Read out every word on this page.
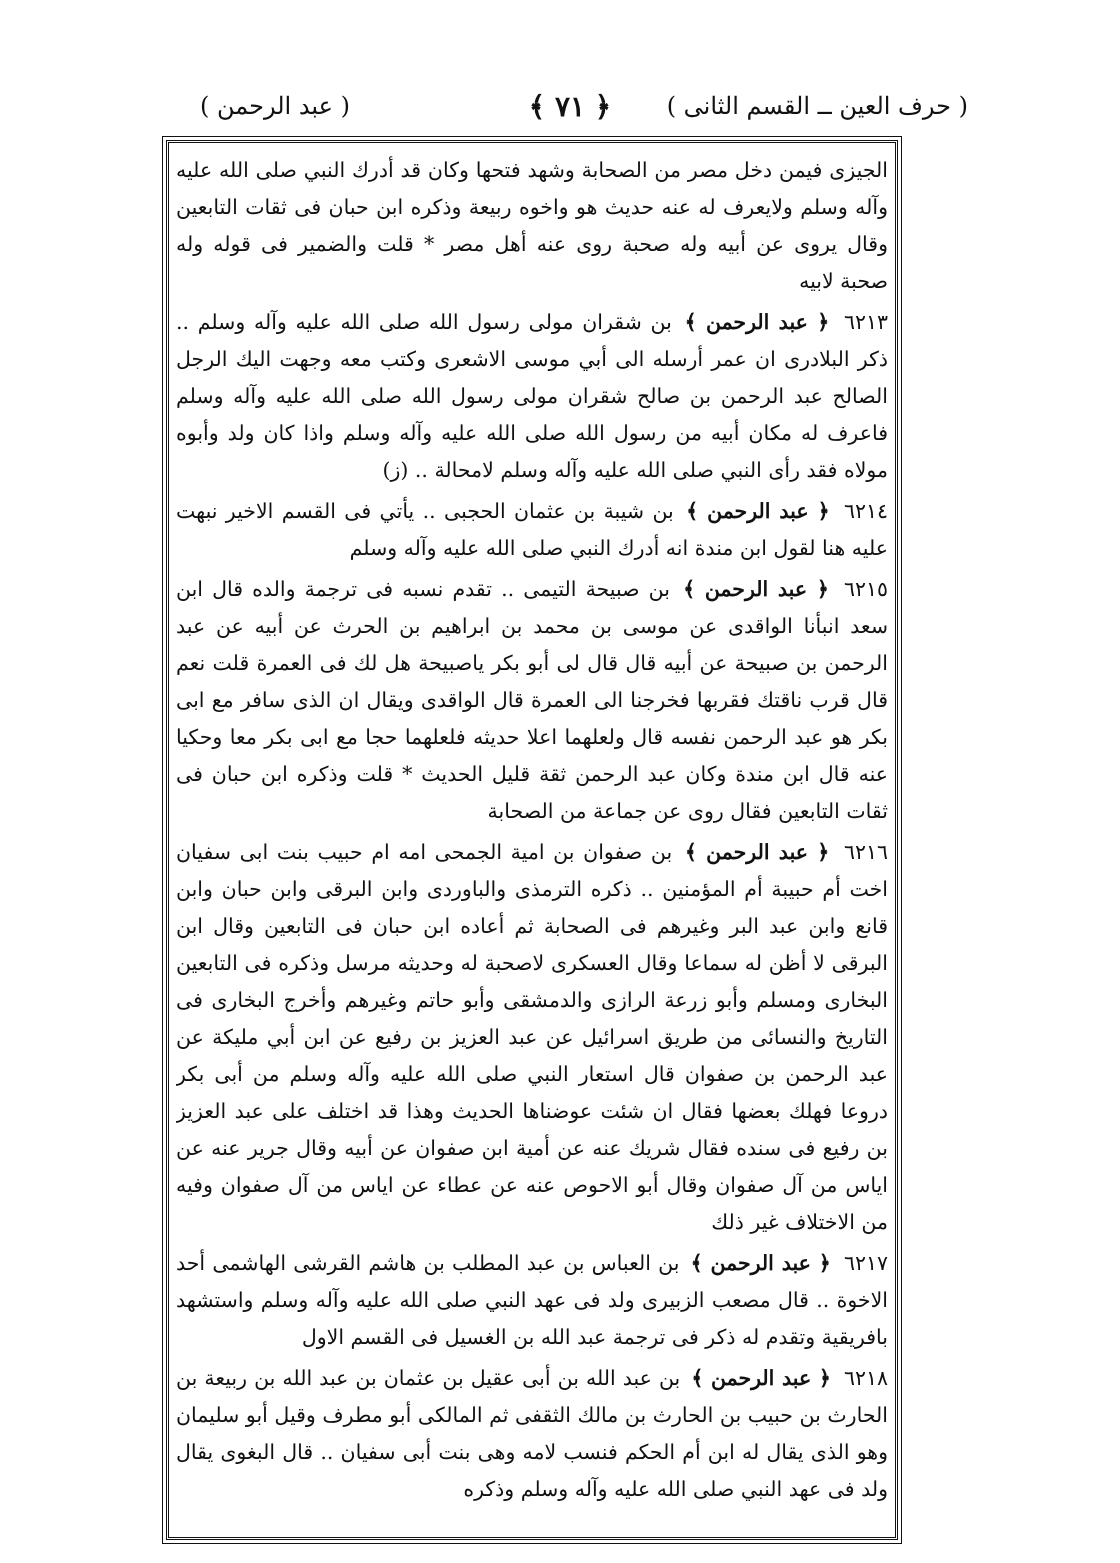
( حرف العين ــ القسم الثانى )
﴿ ٧١ ﴾
( عبد الرحمن )

الجيزى فيمن دخل مصر من الصحابة وشهد فتحها وكان قد أدرك النبي صلى الله عليه وآله وسلم ولايعرف له عنه حديث هو واخوه ربيعة وذكره ابن حبان فى ثقات التابعين وقال يروى عن أبيه وله صحبة روى عنه أهل مصر * قلت والضمير فى قوله وله صحبة لابيه

٦٢١٣ ﴿ عبد الرحمن ﴾ بن شقران مولى رسول الله صلى الله عليه وآله وسلم .. ذكر البلادرى ان عمر أرسله الى أبي موسى الاشعرى وكتب معه وجهت اليك الرجل الصالح عبد الرحمن بن صالح شقران مولى رسول الله صلى الله عليه وآله وسلم فاعرف له مكان أبيه من رسول الله صلى الله عليه وآله وسلم واذا كان ولد وأبوه مولاه فقد رأى النبي صلى الله عليه وآله وسلم لامحالة .. (ز)

٦٢١٤ ﴿ عبد الرحمن ﴾ بن شيبة بن عثمان الحجبى .. يأتي فى القسم الاخير نبهت عليه هنا لقول ابن مندة انه أدرك النبي صلى الله عليه وآله وسلم

٦٢١٥ ﴿ عبد الرحمن ﴾ بن صبيحة التيمى .. تقدم نسبه فى ترجمة والده قال ابن سعد انبأنا الواقدى عن موسى بن محمد بن ابراهيم بن الحرث عن أبيه عن عبد الرحمن بن صبيحة عن أبيه قال قال لى أبو بكر ياصبيحة هل لك فى العمرة قلت نعم قال قرب ناقتك فقربها فخرجنا الى العمرة قال الواقدى ويقال ان الذى سافر مع ابى بكر هو عبد الرحمن نفسه قال ولعلهما اعلا حديثه فلعلهما حجا مع ابى بكر معا وحكيا عنه قال ابن مندة وكان عبد الرحمن ثقة قليل الحديث * قلت وذكره ابن حبان فى ثقات التابعين فقال روى عن جماعة من الصحابة

٦٢١٦ ﴿ عبد الرحمن ﴾ بن صفوان بن امية الجمحى امه ام حبيب بنت ابى سفيان اخت أم حبيبة أم المؤمنين .. ذكره الترمذى والباوردى وابن البرقى وابن حبان وابن قانع وابن عبد البر وغيرهم فى الصحابة ثم أعاده ابن حبان فى التابعين وقال ابن البرقى لا أظن له سماعا وقال العسكرى لاصحبة له وحديثه مرسل وذكره فى التابعين البخارى ومسلم وأبو زرعة الرازى والدمشقى وأبو حاتم وغيرهم وأخرج البخارى فى التاريخ والنسائى من طريق اسرائيل عن عبد العزيز بن رفيع عن ابن أبي مليكة عن عبد الرحمن بن صفوان قال استعار النبي صلى الله عليه وآله وسلم من أبى بكر دروعا فهلك بعضها فقال ان شئت عوضناها الحديث وهذا قد اختلف على عبد العزيز بن رفيع فى سنده فقال شريك عنه عن أمية ابن صفوان عن أبيه وقال جرير عنه عن اياس من آل صفوان وقال أبو الاحوص عنه عن عطاء عن اياس من آل صفوان وفيه من الاختلاف غير ذلك

٦٢١٧ ﴿ عبد الرحمن ﴾ بن العباس بن عبد المطلب بن هاشم القرشى الهاشمى أحد الاخوة .. قال مصعب الزبيرى ولد فى عهد النبي صلى الله عليه وآله وسلم واستشهد بافريقية وتقدم له ذكر فى ترجمة عبد الله بن الغسيل فى القسم الاول

٦٢١٨ ﴿ عبد الرحمن ﴾ بن عبد الله بن أبى عقيل بن عثمان بن عبد الله بن ربيعة بن الحارث بن حبيب بن الحارث بن مالك الثقفى ثم المالكى أبو مطرف وقيل أبو سليمان وهو الذى يقال له ابن أم الحكم فنسب لامه وهى بنت أبى سفيان .. قال البغوى يقال ولد فى عهد النبي صلى الله عليه وآله وسلم وذكره
